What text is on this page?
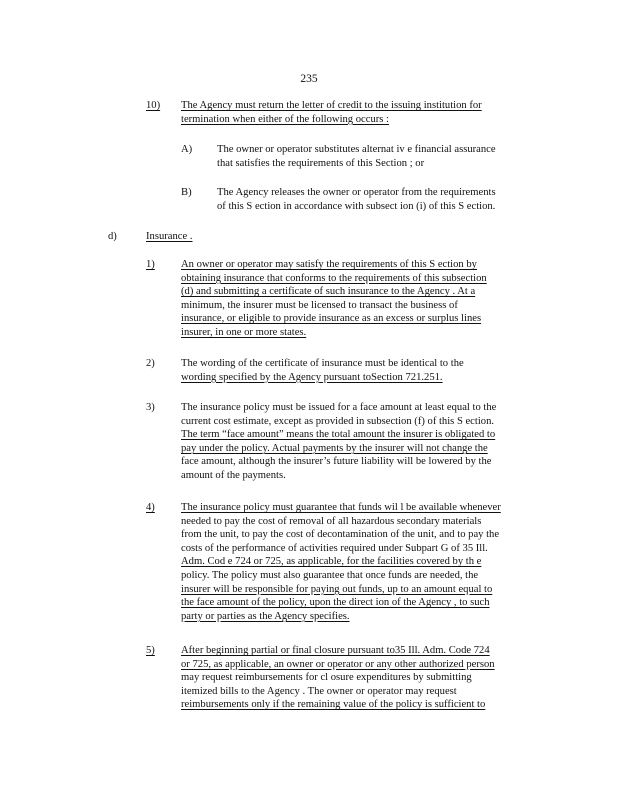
235
10) The Agency must return the letter of credit to the issuing institution for
termination when either of the following occurs :
A) The owner or operator substitutes alternat iv e financial assurance
that satisfies the requirements of this Section ; or
B) The Agency releases the owner or operator from the requirements
of this S ection in accordance with subsect ion (i) of this S ection.
d)	Insurance .
1) An owner or operator may satisfy the requirements of this S ection by
obtaining insurance that conforms to the requirements of this subsection
(d) and submitting a certificate of such insurance to the Agency . At a
minimum, the insurer must be licensed to transact the business of
insurance, or eligible to provide insurance as an excess or surplus lines
insurer, in one or more states.
2) The wording of the certificate of insurance must be identical to the
wording specified by the Agency pursuant toSection 721.251.
3) The insurance policy must be issued for a face amount at least equal to the
current cost estimate, except as provided in subsection (f) of this S ection.
The term “face amount” means the total amount the insurer is obligated to
pay under the policy. Actual payments by the insurer will not change the
face amount, although the insurer’s future liability will be lowered by the
amount of the payments.
4) The insurance policy must guarantee that funds wil l be available whenever
needed to pay the cost of removal of all hazardous secondary materials
from the unit, to pay the cost of decontamination of the unit, and to pay the
costs of the performance of activities required under Subpart G of 35 Ill.
Adm. Cod e 724 or 725, as applicable, for the facilities covered by th e
policy. The policy must also guarantee that once funds are needed, the
insurer will be responsible for paying out funds, up to an amount equal to
the face amount of the policy, upon the direct ion of the Agency , to such
party or parties as the Agency specifies.
5) After beginning partial or final closure pursuant to35 Ill. Adm. Code 724
or 725, as applicable, an owner or operator or any other authorized person
may request reimbursements for cl osure expenditures by submitting
itemized bills to the Agency . The owner or operator may request
reimbursements only if the remaining value of the policy is sufficient to
